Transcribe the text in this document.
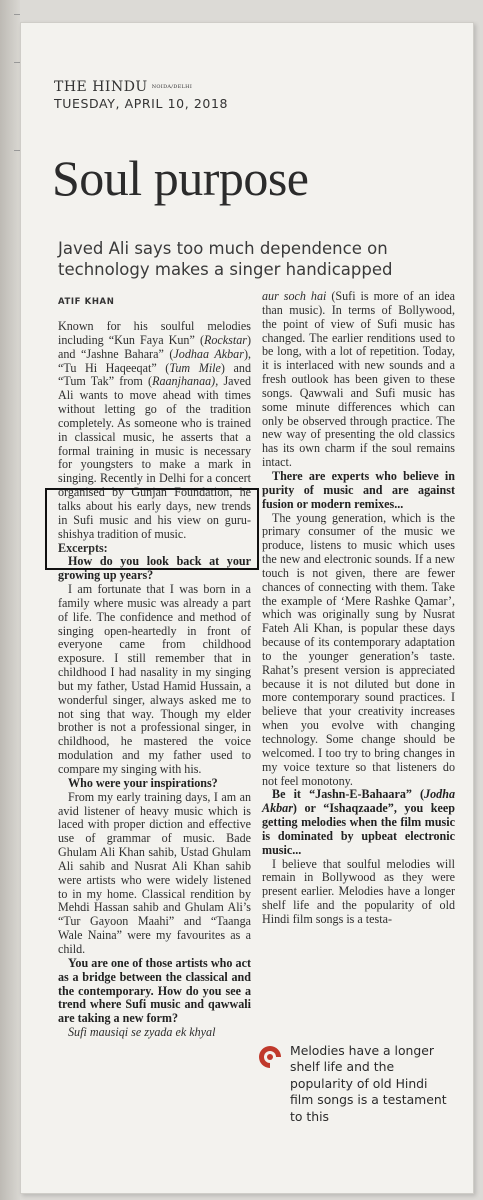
THE HINDU NOIDA/DELHI
TUESDAY, APRIL 10, 2018
Soul purpose
Javed Ali says too much dependence on technology makes a singer handicapped
ATIF KHAN

Known for his soulful melodies including “Kun Faya Kun” (Rockstar) and “Jashne Bahara” (Jodhaa Akbar), “Tu Hi Haqeeqat” (Tum Mile) and “Tum Tak” from (Raanjhanaa), Javed Ali wants to move ahead with times without letting go of the tradition completely. As someone who is trained in classical music, he asserts that a formal training in music is necessary for youngsters to make a mark in singing. Recently in Delhi for a concert organised by Gunjan Foundation, he talks about his early days, new trends in Sufi music and his view on guru-shishya tradition of music.

Excerpts:

How do you look back at your growing up years?

I am fortunate that I was born in a family where music was already a part of life. The confidence and method of singing open-heartedly in front of everyone came from childhood exposure. I still remember that in childhood I had nasality in my singing but my father, Ustad Hamid Hussain, a wonderful singer, always asked me to not sing that way. Though my elder brother is not a professional singer, in childhood, he mastered the voice modulation and my father used to compare my singing with his.

Who were your inspirations?

From my early training days, I am an avid listener of heavy music which is laced with proper diction and effective use of grammar of music. Bade Ghulam Ali Khan sahib, Ustad Ghulam Ali sahib and Nusrat Ali Khan sahib were artists who were widely listened to in my home. Classical rendition by Mehdi Hassan sahib and Ghulam Ali’s “Tur Gayoon Maahi” and “Taanga Wale Naina” were my favourites as a child.

You are one of those artists who act as a bridge between the classical and the contemporary. How do you see a trend where Sufi music and qawwali are taking a new form?

Sufi mausiqi se zyada ek khyal

aur soch hai (Sufi is more of an idea than music). In terms of Bollywood, the point of view of Sufi music has changed. The earlier renditions used to be long, with a lot of repetition. Today, it is interlaced with new sounds and a fresh outlook has been given to these songs. Qawwali and Sufi music has some minute differences which can only be observed through practice. The new way of presenting the old classics has its own charm if the soul remains intact.

There are experts who believe in purity of music and are against fusion or modern remixes...

The young generation, which is the primary consumer of the music we produce, listens to music which uses the new and electronic sounds. If a new touch is not given, there are fewer chances of connecting with them. Take the example of ‘Mere Rashke Qamar’, which was originally sung by Nusrat Fateh Ali Khan, is popular these days because of its contemporary adaptation to the younger generation’s taste. Rahat’s present version is appreciated because it is not diluted but done in more contemporary sound practices. I believe that your creativity increases when you evolve with changing technology. Some change should be welcomed. I too try to bring changes in my voice texture so that listeners do not feel monotony.

Be it “Jashn-E-Bahaara” (Jodha Akbar) or “Ishaqzaade”, you keep getting melodies when the film music is dominated by upbeat electronic music...

I believe that soulful melodies will remain in Bollywood as they were present earlier. Melodies have a longer shelf life and the popularity of old Hindi film songs is a testa-

Melodies have a longer shelf life and the popularity of old Hindi film songs is a testament to this
